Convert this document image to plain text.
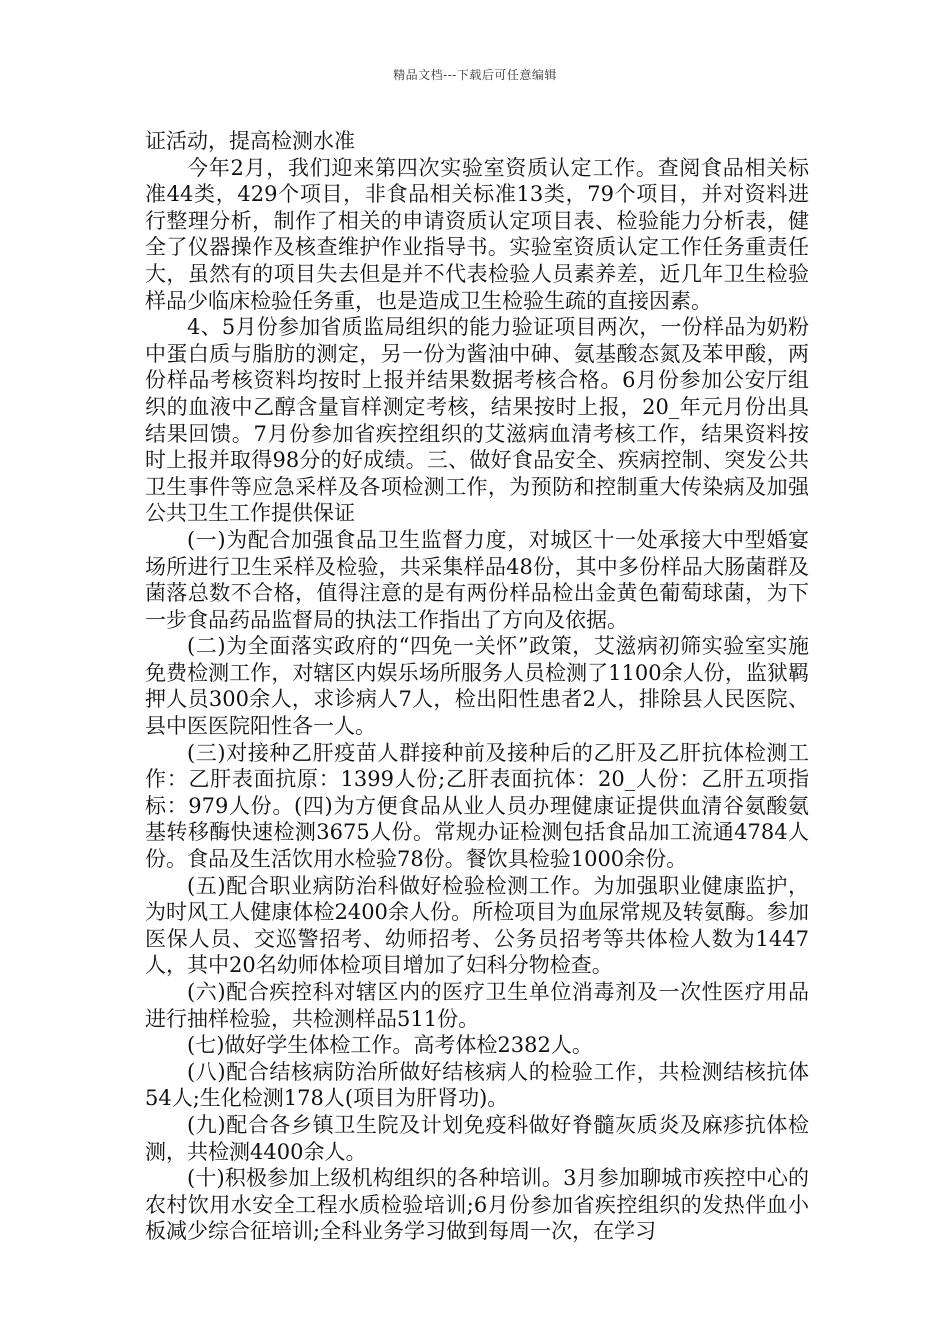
精品文档---下载后可任意编辑

证活动，提高检测水准

今年2月，我们迎来第四次实验室资质认定工作。查阅食品相关标准44类，429个项目，非食品相关标准13类，79个项目，并对资料进行整理分析，制作了相关的申请资质认定项目表、检验能力分析表，健全了仪器操作及核查维护作业指导书。实验室资质认定工作任务重责任大，虽然有的项目失去但是并不代表检验人员素养差，近几年卫生检验样品少临床检验任务重，也是造成卫生检验生疏的直接因素。

4、5月份参加省质监局组织的能力验证项目两次，一份样品为奶粉中蛋白质与脂肪的测定，另一份为酱油中砷、氨基酸态氮及苯甲酸，两份样品考核资料均按时上报并结果数据考核合格。6月份参加公安厅组织的血液中乙醇含量盲样测定考核，结果按时上报，20_年元月份出具结果回馈。7月份参加省疾控组织的艾滋病血清考核工作，结果资料按时上报并取得98分的好成绩。三、做好食品安全、疾病控制、突发公共卫生事件等应急采样及各项检测工作，为预防和控制重大传染病及加强公共卫生工作提供保证

(一)为配合加强食品卫生监督力度，对城区十一处承接大中型婚宴场所进行卫生采样及检验，共采集样品48份，其中多份样品大肠菌群及菌落总数不合格，值得注意的是有两份样品检出金黄色葡萄球菌，为下一步食品药品监督局的执法工作指出了方向及依据。

(二)为全面落实政府的“四免一关怀”政策，艾滋病初筛实验室实施免费检测工作，对辖区内娱乐场所服务人员检测了1100余人份，监狱羁押人员300余人，求诊病人7人，检出阳性患者2人，排除县人民医院、县中医医院阳性各一人。

(三)对接种乙肝疫苗人群接种前及接种后的乙肝及乙肝抗体检测工作：乙肝表面抗原：1399人份;乙肝表面抗体：20_人份：乙肝五项指标：979人份。(四)为方便食品从业人员办理健康证提供血清谷氨酸氨基转移酶快速检测3675人份。常规办证检测包括食品加工流通4784人份。食品及生活饮用水检验78份。餐饮具检验1000余份。

(五)配合职业病防治科做好检验检测工作。为加强职业健康监护，为时风工人健康体检2400余人份。所检项目为血尿常规及转氨酶。参加医保人员、交巡警招考、幼师招考、公务员招考等共体检人数为1447人，其中20名幼师体检项目增加了妇科分物检查。

(六)配合疾控科对辖区内的医疗卫生单位消毒剂及一次性医疗用品进行抽样检验，共检测样品511份。

(七)做好学生体检工作。高考体检2382人。

(八)配合结核病防治所做好结核病人的检验工作，共检测结核抗体54人;生化检测178人(项目为肝肾功)。

(九)配合各乡镇卫生院及计划免疫科做好脊髓灰质炎及麻疹抗体检测，共检测4400余人。

(十)积极参加上级机构组织的各种培训。3月参加聊城市疾控中心的农村饮用水安全工程水质检验培训;6月份参加省疾控组织的发热伴血小板减少综合征培训;全科业务学习做到每周一次，在学习
